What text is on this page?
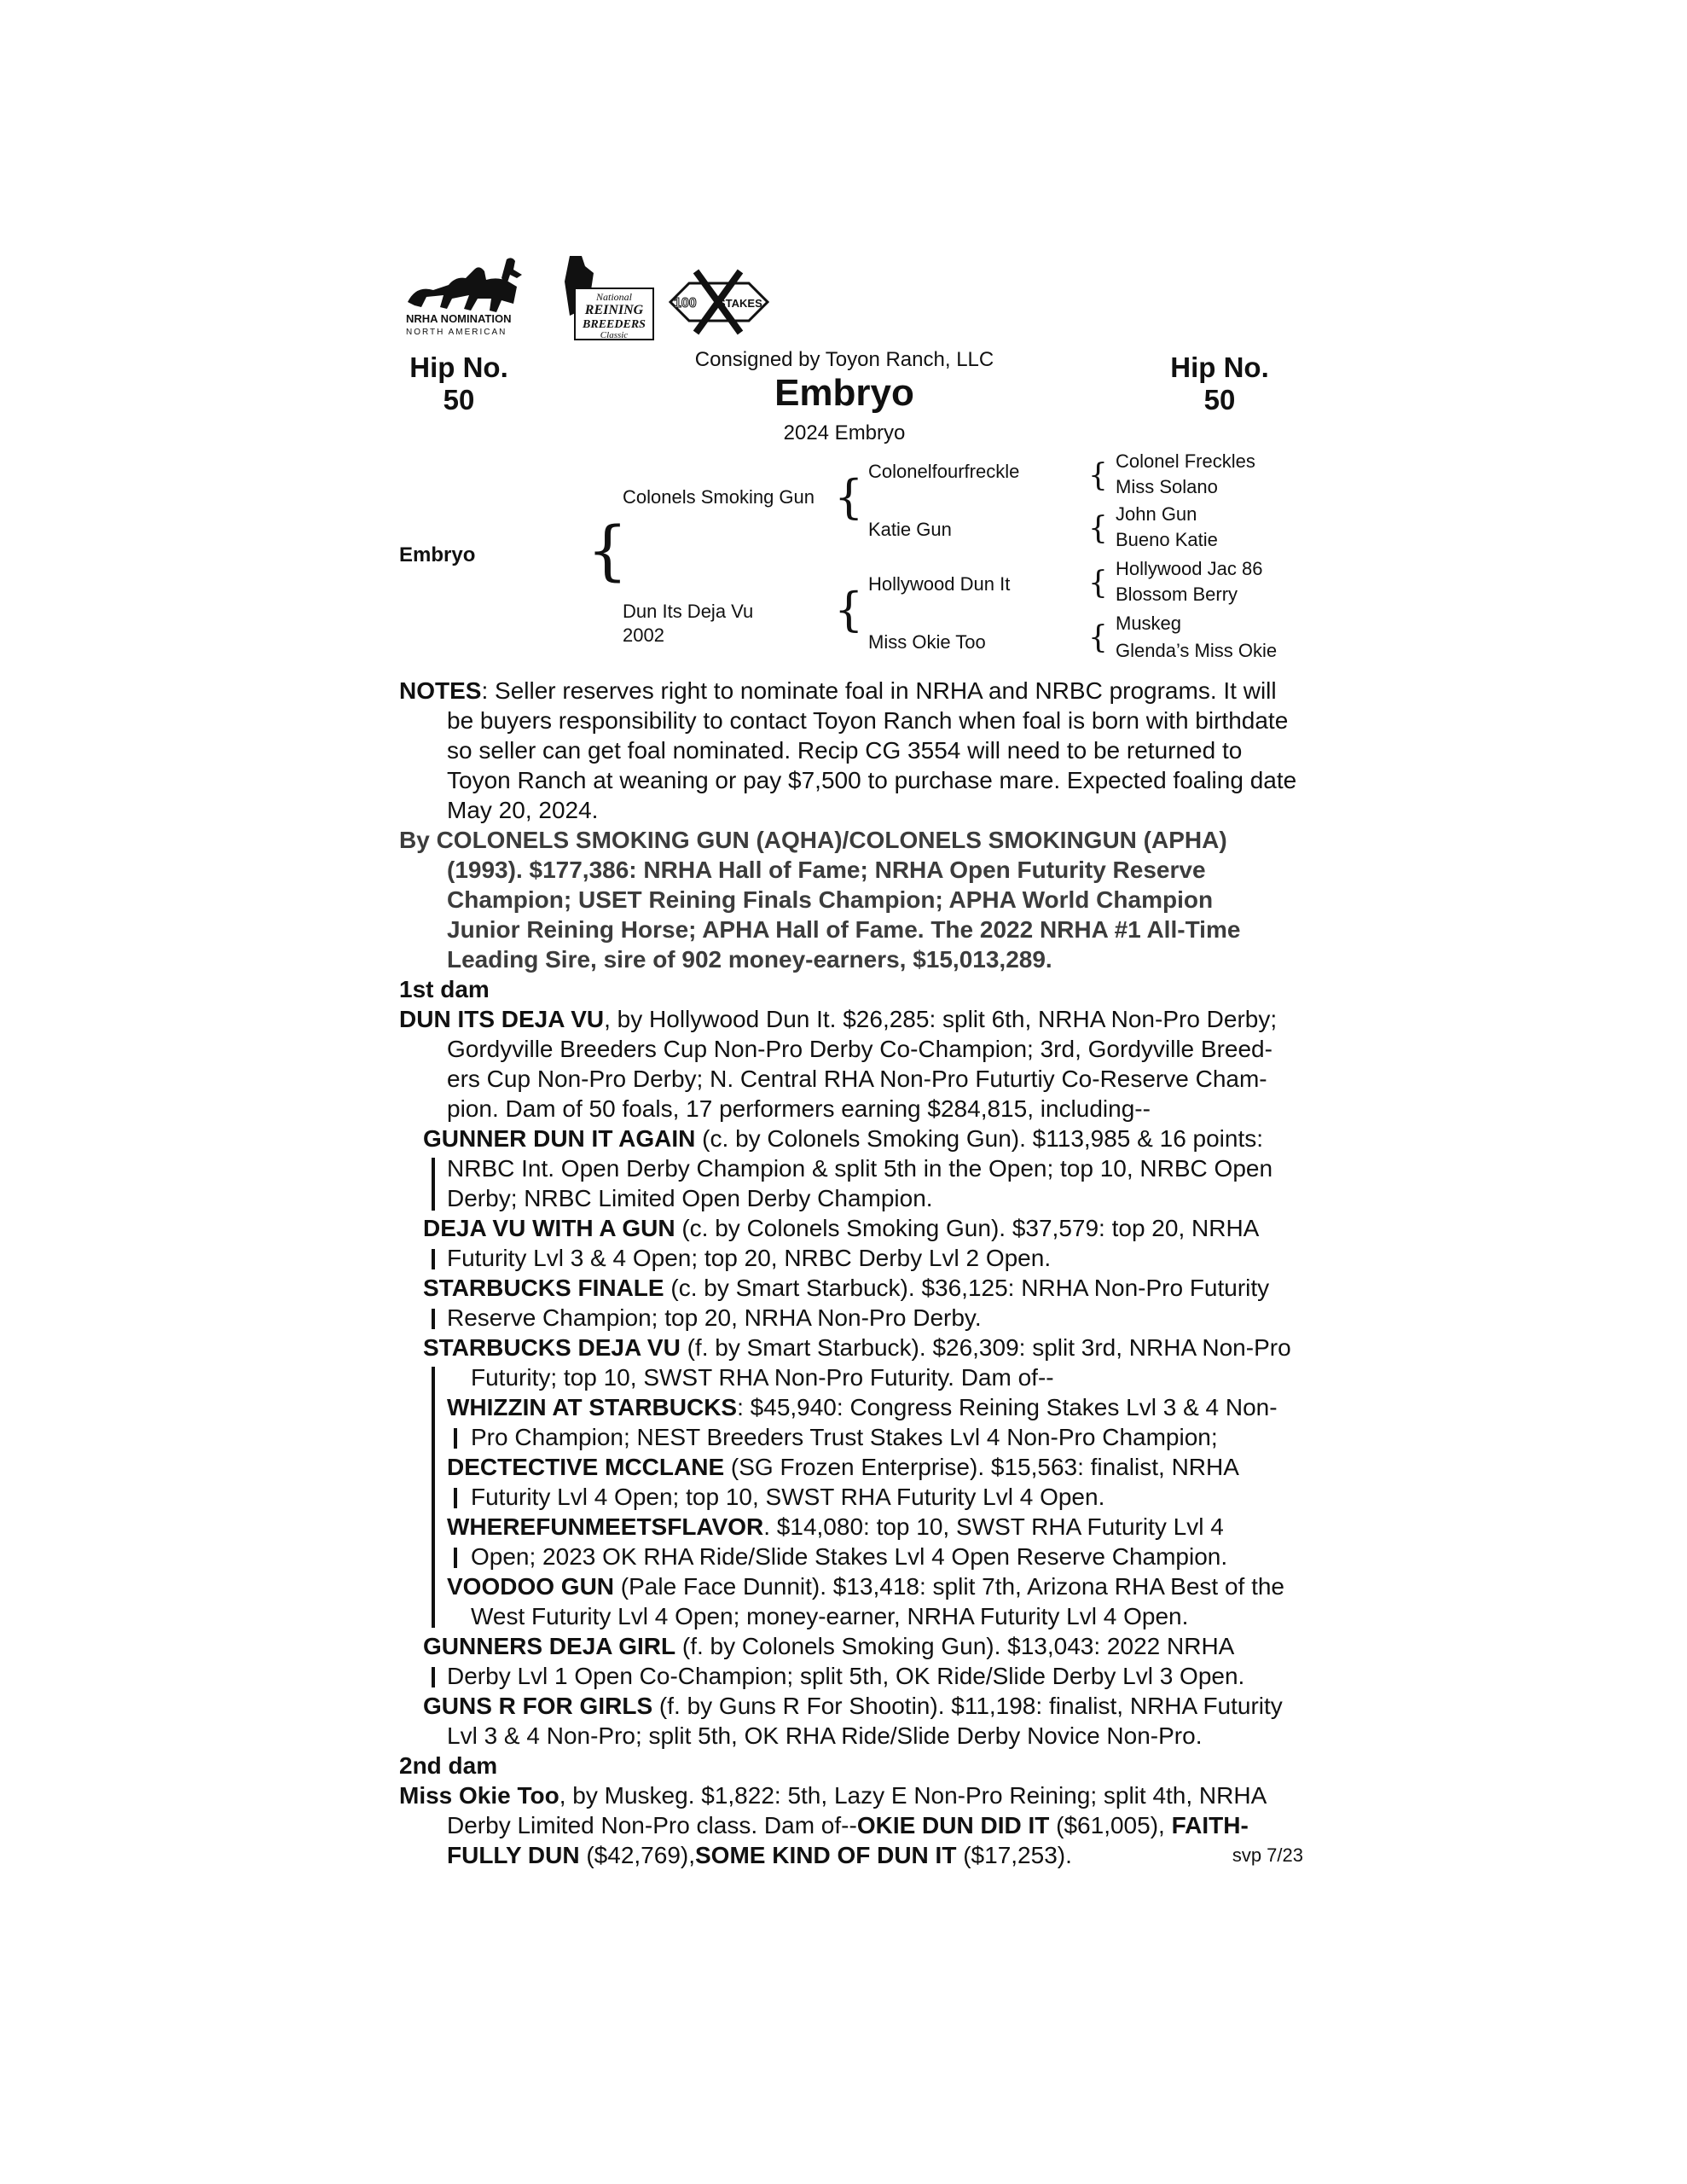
NRHA NOMINATION
NORTH AMERICAN
National
REINING
BREEDERS
Classic
100 STAKES
Hip No.
50
Hip No.
50
Consigned by Toyon Ranch, LLC
Embryo
2024 Embryo
Embryo {
Colonels Smoking Gun {
Dun Its Deja Vu
2002	{
Colonelfourfreckle
Katie Gun
Hollywood Dun It
Miss Okie Too
{
{
{
{
Colonel Freckles
Miss Solano
John Gun
Bueno Katie
Hollywood Jac 86
Blossom Berry
Muskeg
Glenda’s Miss Okie
NOTES: Seller reserves right to nominate foal in NRHA and NRBC programs. It will
be buyers responsibility to contact Toyon Ranch when foal is born with birthdate
so seller can get foal nominated. Recip CG 3554 will need to be returned to
Toyon Ranch at weaning or pay $7,500 to purchase mare. Expected foaling date
May 20, 2024.
By COLONELS SMOKING GUN (AQHA)/COLONELS SMOKINGUN (APHA)
(1993). $177,386: NRHA Hall of Fame; NRHA Open Futurity Reserve
Champion; USET Reining Finals Champion; APHA World Champion
Junior Reining Horse; APHA Hall of Fame. The 2022 NRHA #1 All-Time
Leading Sire, sire of 902 money-earners, $15,013,289.
1st dam
DUN ITS DEJA VU, by Hollywood Dun It. $26,285: split 6th, NRHA Non-Pro Derby;
Gordyville Breeders Cup Non-Pro Derby Co-Champion; 3rd, Gordyville Breed-
ers Cup Non-Pro Derby; N. Central RHA Non-Pro Futurtiy Co-Reserve Cham-
pion. Dam of 50 foals, 17 performers earning $284,815, including--
GUNNER DUN IT AGAIN (c. by Colonels Smoking Gun). $113,985 & 16 points:
NRBC Int. Open Derby Champion & split 5th in the Open; top 10, NRBC Open
Derby; NRBC Limited Open Derby Champion.
DEJA VU WITH A GUN (c. by Colonels Smoking Gun). $37,579: top 20, NRHA
Futurity Lvl 3 & 4 Open; top 20, NRBC Derby Lvl 2 Open.
STARBUCKS FINALE (c. by Smart Starbuck). $36,125: NRHA Non-Pro Futurity
Reserve Champion; top 20, NRHA Non-Pro Derby.
STARBUCKS DEJA VU (f. by Smart Starbuck). $26,309: split 3rd, NRHA Non-Pro
Futurity; top 10, SWST RHA Non-Pro Futurity. Dam of--
WHIZZIN AT STARBUCKS: $45,940: Congress Reining Stakes Lvl 3 & 4 Non-
Pro Champion; NEST Breeders Trust Stakes Lvl 4 Non-Pro Champion;
DECTECTIVE MCCLANE (SG Frozen Enterprise). $15,563: finalist, NRHA
Futurity Lvl 4 Open; top 10, SWST RHA Futurity Lvl 4 Open.
WHEREFUNMEETSFLAVOR. $14,080: top 10, SWST RHA Futurity Lvl 4
Open; 2023 OK RHA Ride/Slide Stakes Lvl 4 Open Reserve Champion.
VOODOO GUN (Pale Face Dunnit). $13,418: split 7th, Arizona RHA Best of the
West Futurity Lvl 4 Open; money-earner, NRHA Futurity Lvl 4 Open.
GUNNERS DEJA GIRL (f. by Colonels Smoking Gun). $13,043: 2022 NRHA
Derby Lvl 1 Open Co-Champion; split 5th, OK Ride/Slide Derby Lvl 3 Open.
GUNS R FOR GIRLS (f. by Guns R For Shootin). $11,198: finalist, NRHA Futurity
Lvl 3 & 4 Non-Pro; split 5th, OK RHA Ride/Slide Derby Novice Non-Pro.
2nd dam
Miss Okie Too, by Muskeg. $1,822: 5th, Lazy E Non-Pro Reining; split 4th, NRHA
Derby Limited Non-Pro class. Dam of--OKIE DUN DID IT ($61,005), FAITH-
FULLY DUN ($42,769),SOME KIND OF DUN IT ($17,253).	svp 7/23
